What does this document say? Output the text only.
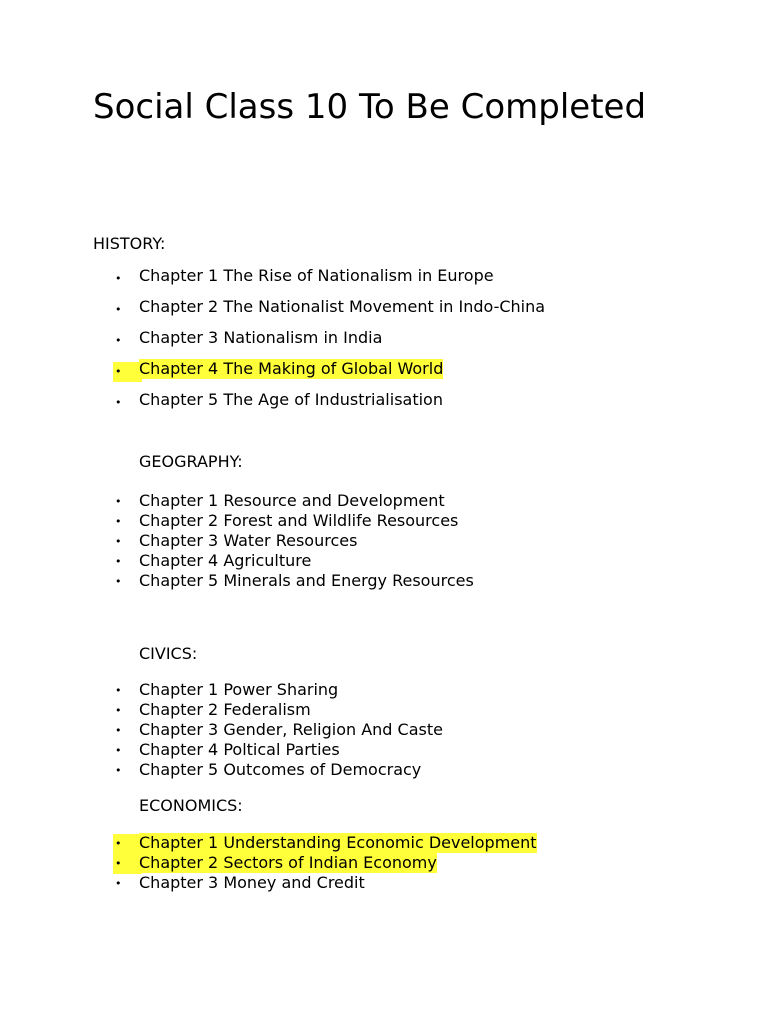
Social Class 10 To Be Completed
HISTORY:
• Chapter 1 The Rise of Nationalism in Europe
• Chapter 2 The Nationalist Movement in Indo-China
• Chapter 3 Nationalism in India
•	Chapter 4 The Making of Global World
• Chapter 5 The Age of Industrialisation
GEOGRAPHY:
• Chapter 1 Resource and Development
• Chapter 2 Forest and Wildlife Resources
• Chapter 3 Water Resources
• Chapter 4 Agriculture
• Chapter 5 Minerals and Energy Resources
CIVICS:
• Chapter 1 Power Sharing
• Chapter 2 Federalism
• Chapter 3 Gender, Religion And Caste
• Chapter 4 Poltical Parties
• Chapter 5 Outcomes of Democracy
ECONOMICS:
•	Chapter 1 Understanding Economic Development
•	Chapter 2 Sectors of Indian Economy
• Chapter 3 Money and Credit
